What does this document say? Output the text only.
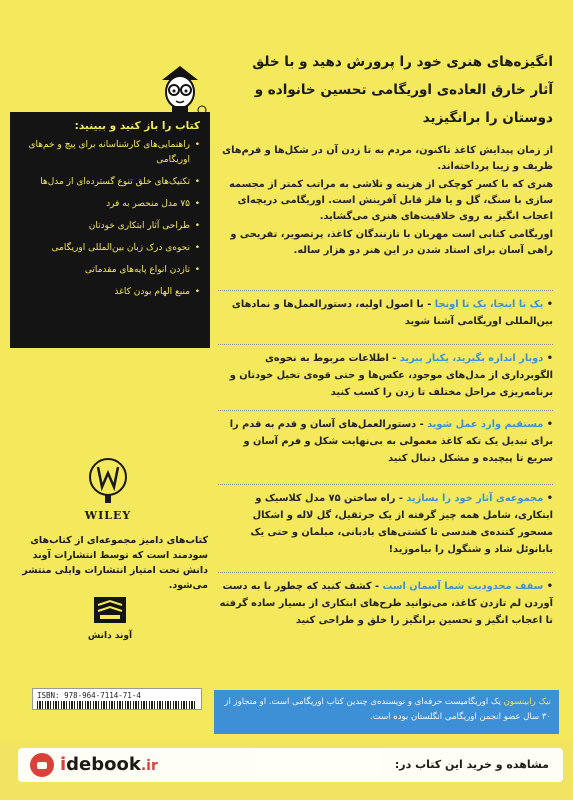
کتاب را باز کنید و ببینید:
• راهنمایی‌های کارشناسانه برای پیچ و خم‌های اوریگامی
• تکنیک‌های خلق تنوع گسترده‌ای از مدل‌ها
• ۷۵ مدل منحصر به فرد
• طراحی آثار ابتکاری خودتان
• نحوه‌ی درک زبان بین‌المللی اوریگامی
• تازدن انواع پایه‌های مقدماتی
• منبع الهام بودن کاغذ
WILEY
کتاب‌های دامیز مجموعه‌ای از کتاب‌های سودمند است که توسط انتشارات آوند دانش تحت امتیاز انتشارات وایلی منتشر می‌شود.
آوند دانش
ISBN: 978-964-7114-71-4
انگیزه‌های هنری خود را پرورش دهید و با خلق آثار خارق العاده‌ی اوریگامی تحسین خانواده و دوستان را برانگیزید

از زمان پیدایش کاغذ تاکنون، مردم به تا زدن آن در شکل‌ها و فرم‌های ظریف و زیبا پرداخته‌اند.

هنری که با کسر کوچکی از هزینه و تلاشی به مراتب کمتر از مجسمه سازی با سنگ، گل و یا فلز قابل آفرینش است. اوریگامی دریچه‌ای اعجاب انگیز به روی خلاقیت‌های هنری می‌گشاید.

اوریگامی کتابی است مهربان با تازنندگان کاغذ، پرتصویر، تفریحی و راهی آسان برای استاد شدن در این هنر دو هزار ساله.

• یک تا اینجا، یک تا اونجا - با اصول اولیه، دستورالعمل‌ها و نمادهای بین‌المللی اوریگامی آشنا شوید
• دوبار اندازه بگیرید، یکبار ببرید - اطلاعات مربوط به نحوه‌ی الگوبرداری از مدل‌های موجود، عکس‌ها و حتی قوه‌ی تخیل خودتان و برنامه‌ریزی مراحل مختلف تا زدن را کسب کنید
• مستقیم وارد عمل شوید - دستورالعمل‌های آسان و قدم به قدم را برای تبدیل یک تکه کاغذ معمولی به بی‌نهایت شکل و فرم آسان و سریع تا پیچیده و مشکل دنبال کنید
• مجموعه‌ی آثار خود را بسازید - راه ساختن ۷۵ مدل کلاسیک و ابتکاری، شامل همه چیز گرفته از یک جرثقیل، گل لاله و اشکال مسحور کننده‌ی هندسی تا کشتی‌های بادبانی، مبلمان و حتی یک بابانوئل شاد و شنگول را بیاموزید!
• سقف محدودیت شما آسمان است - کشف کنید که چطور با به دست آوردن لم تازدن کاغذ، می‌توانید طرح‌های ابتکاری از بسیار ساده گرفته تا اعجاب انگیز و تحسین برانگیز را خلق و طراحی کنید
نیک رابینسون یک اوریگامیست حرفه‌ای و نویسنده‌ی چندین کتاب اوریگامی است. او متجاوز از ۳۰ سال عضو انجمن اوریگامی انگلستان بوده است.
idebook.ir	مشاهده و خرید این کتاب در:
